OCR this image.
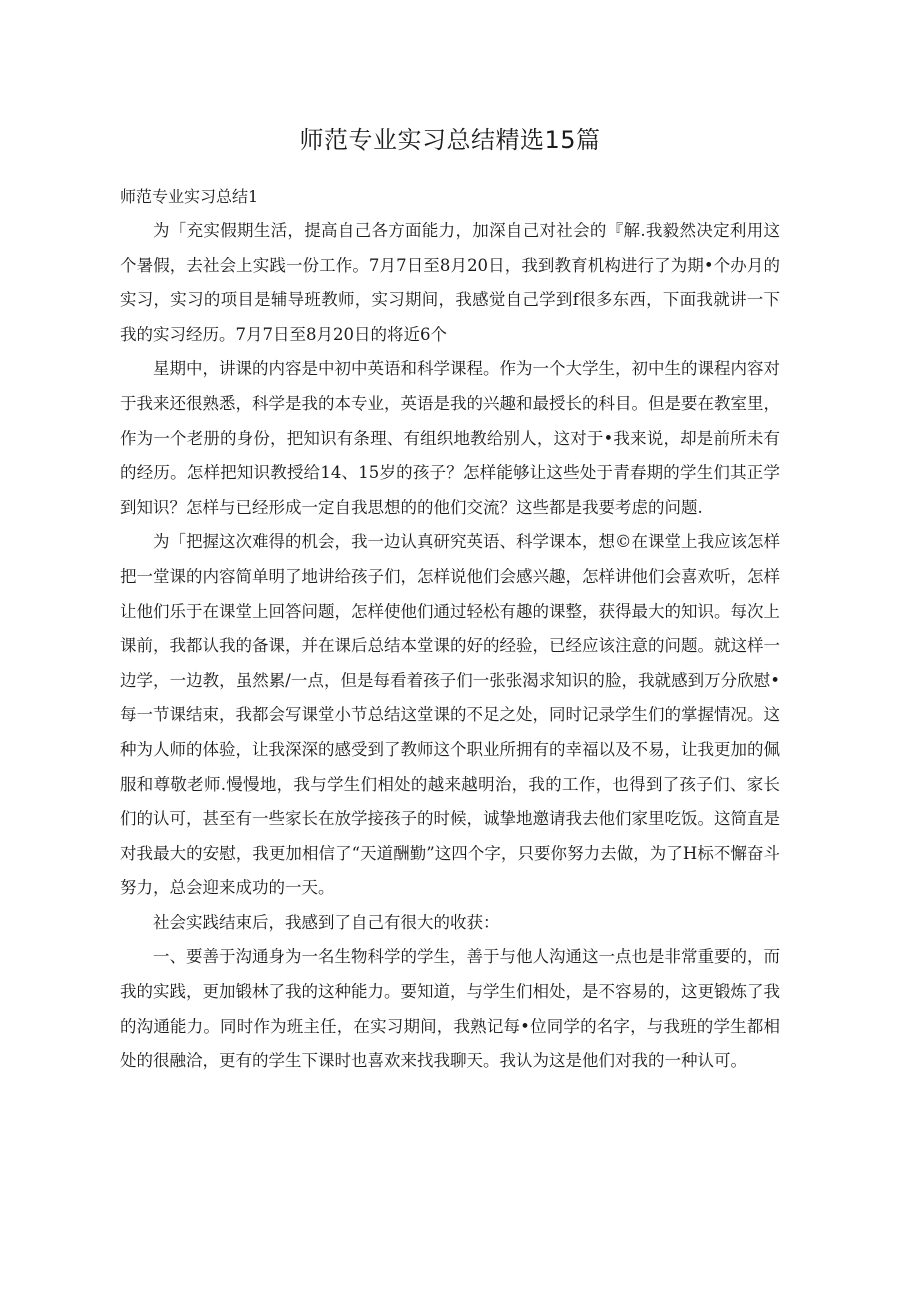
师范专业实习总结精选15篇

师范专业实习总结1

为「充实假期生活，提高自己各方面能力，加深自己对社会的『解.我毅然决定利用这个暑假，去社会上实践一份工作。7月7日至8月20日，我到教育机构进行了为期•个办月的实习，实习的项目是辅导班教师，实习期间，我感觉自己学到f很多东西，下面我就讲一下我的实习经历。7月7日至8月20日的将近6个

星期中，讲课的内容是中初中英语和科学课程。作为一个大学生，初中生的课程内容对于我来还很熟悉，科学是我的本专业，英语是我的兴趣和最授长的科目。但是要在教室里，作为一个老册的身份，把知识有条理、有组织地教给别人，这对于•我来说，却是前所未有的经历。怎样把知识教授给14、15岁的孩子？怎样能够让这些处于青春期的学生们其正学到知识？怎样与已经形成一定自我思想的的他们交流？这些都是我要考虑的问题.

为「把握这次难得的机会，我一边认真研究英语、科学课本，想©在课堂上我应该怎样把一堂课的内容简单明了地讲给孩子们，怎样说他们会感兴趣，怎样讲他们会喜欢听，怎样让他们乐于在课堂上回答问题，怎样使他们通过轻松有趣的课整，获得最大的知识。每次上课前，我都认我的备课，并在课后总结本堂课的好的经验，已经应该注意的问题。就这样一边学，一边教，虽然累/一点，但是每看着孩子们一张张渴求知识的脸，我就感到万分欣慰•每一节课结束，我都会写课堂小节总结这堂课的不足之处，同时记录学生们的掌握情况。这种为人师的体验，让我深深的感受到了教师这个职业所拥有的幸福以及不易，让我更加的佩服和尊敬老师.慢慢地，我与学生们相处的越来越明治，我的工作，也得到了孩子们、家长们的认可，甚至有一些家长在放学接孩子的时候，诚挚地邀请我去他们家里吃饭。这简直是对我最大的安慰，我更加相信了“天道酬勤”这四个字，只要你努力去做，为了H标不懈奋斗努力，总会迎来成功的一天。

社会实践结束后，我感到了自己有很大的收获：

一、要善于沟通身为一名生物科学的学生，善于与他人沟通这一点也是非常重要的，而我的实践，更加锻林了我的这种能力。要知道，与学生们相处，是不容易的，这更锻炼了我的沟通能力。同时作为班主任，在实习期间，我熟记每•位同学的名字，与我班的学生都相处的很融洽，更有的学生下课时也喜欢来找我聊天。我认为这是他们对我的一种认可。
